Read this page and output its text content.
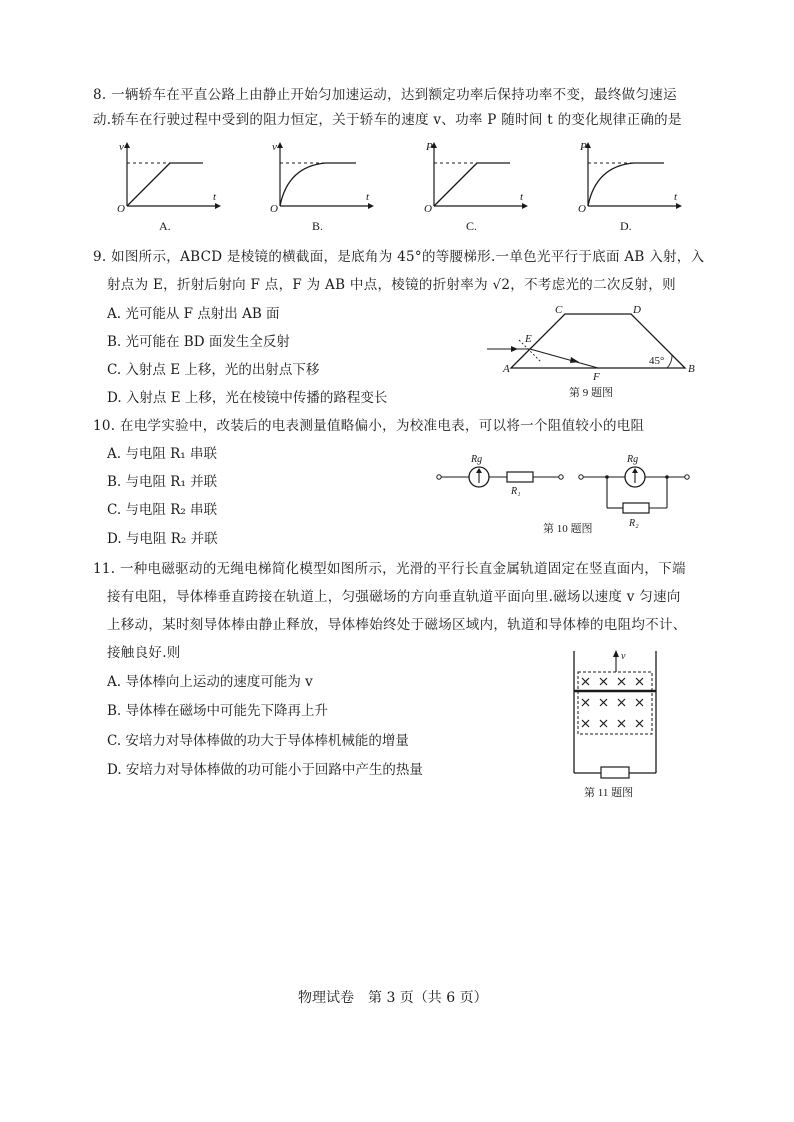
8. 一辆轿车在平直公路上由静止开始匀加速运动，达到额定功率后保持功率不变，最终做匀速运
动.轿车在行驶过程中受到的阻力恒定，关于轿车的速度 v、功率 P 随时间 t 的变化规律正确的是
v
t
O
A.
v
t
O
B.
P
t
O
C.
P
t
O
D.
9. 如图所示，ABCD 是棱镜的横截面，是底角为 45°的等腰梯形.一单色光平行于底面 AB 入射，入
射点为 E，折射后射向 F 点，F 为 AB 中点，棱镜的折射率为 √2，不考虑光的二次反射，则
A. 光可能从 F 点射出 AB 面
B. 光可能在 BD 面发生全反射
C. 入射点 E 上移，光的出射点下移
D. 入射点 E 上移，光在棱镜中传播的路程变长
A	B
C	D
E
F
45°
第 9 题图
10. 在电学实验中，改装后的电表测量值略偏小，为校准电表，可以将一个阻值较小的电阻
A. 与电阻 R₁ 串联
B. 与电阻 R₁ 并联
C. 与电阻 R₂ 串联
D. 与电阻 R₂ 并联
Rg
R₁
Rg
R₂
第 10 题图
11. 一种电磁驱动的无绳电梯简化模型如图所示，光滑的平行长直金属轨道固定在竖直面内，下端
接有电阻，导体棒垂直跨接在轨道上，匀强磁场的方向垂直轨道平面向里.磁场以速度 v 匀速向
上移动，某时刻导体棒由静止释放，导体棒始终处于磁场区域内，轨道和导体棒的电阻均不计、
接触良好.则
A. 导体棒向上运动的速度可能为 v
B. 导体棒在磁场中可能先下降再上升
C. 安培力对导体棒做的功大于导体棒机械能的增量
D. 安培力对导体棒做的功可能小于回路中产生的热量
v
第 11 题图
物理试卷　第 3 页（共 6 页）
